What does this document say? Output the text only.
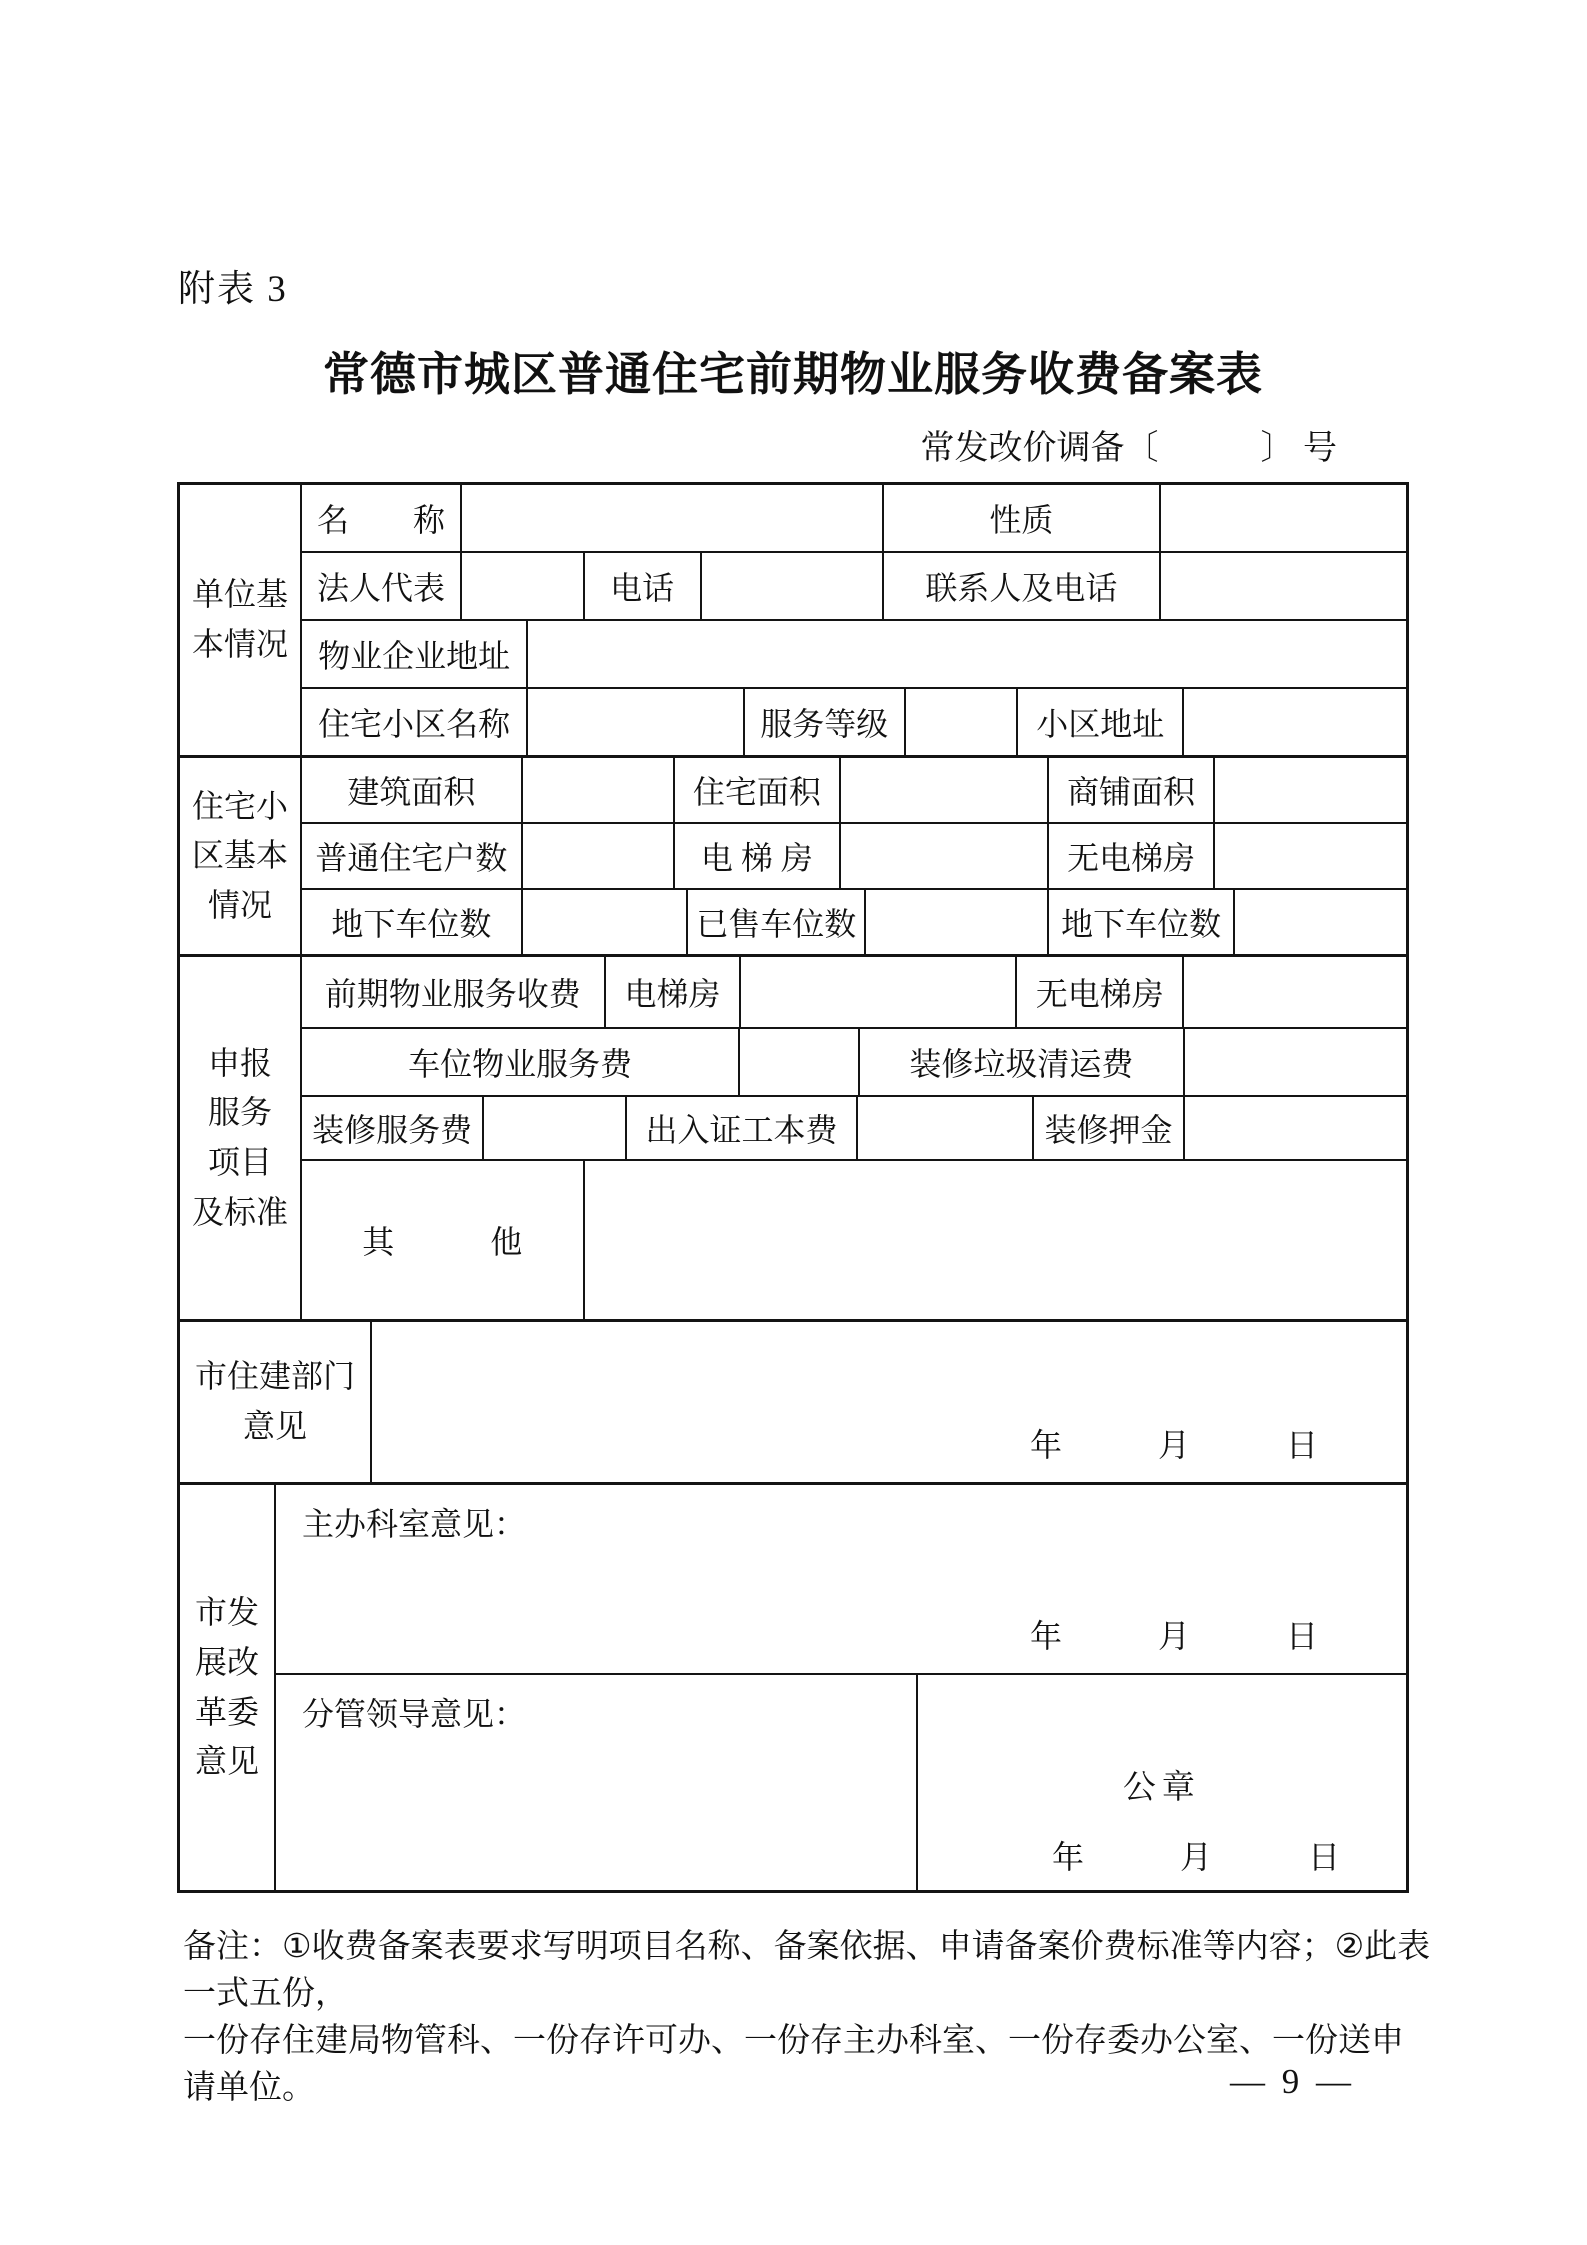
附表 3
常德市城区普通住宅前期物业服务收费备案表
常发改价调备〔　　　〕 号
单位基
本情况
名　　称	性质
法人代表	电话	联系人及电话
物业企业地址
住宅小区名称	服务等级	小区地址
住宅小
区基本
情况
建筑面积	住宅面积	商铺面积
普通住宅户数	电 梯 房	无电梯房
地下车位数	已售车位数	地下车位数
申报
服务
项目
及标准
前期物业服务收费	电梯房	无电梯房
车位物业服务费	装修垃圾清运费
装修服务费	出入证工本费	装修押金
其　　　他
市住建部门
意见
年　　　月　　　日
市发
展改
革委
意见
主办科室意见：
年　　　月　　　日
分管领导意见：
公章
年　　　月　　　日
备注：①收费备案表要求写明项目名称、备案依据、申请备案价费标准等内容；②此表一式五份，
一份存住建局物管科、一份存许可办、一份存主办科室、一份存委办公室、一份送申请单位。	— 9 —
